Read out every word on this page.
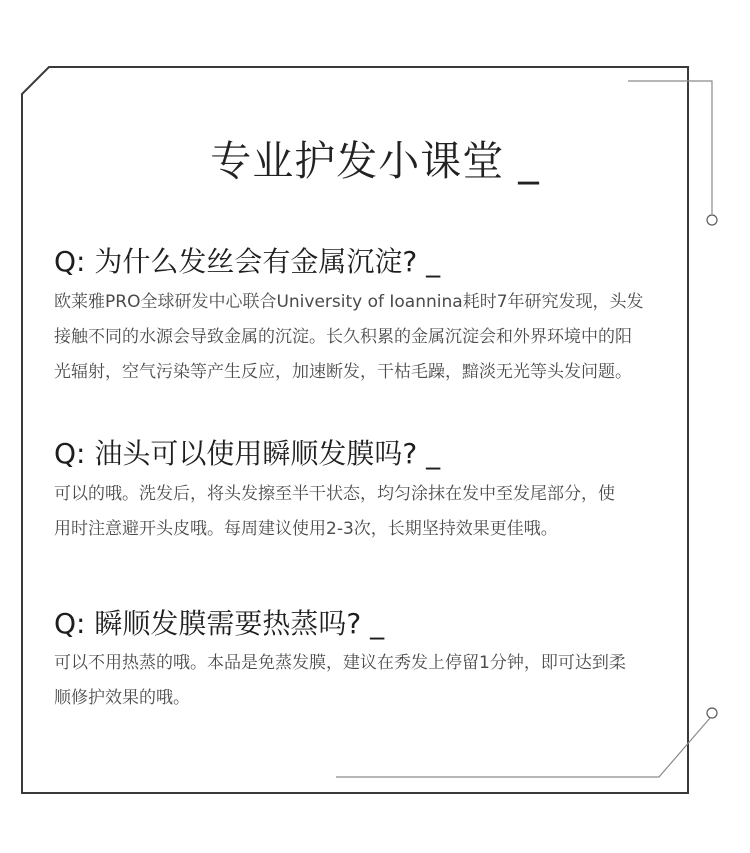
专业护发小课堂 _
Q: 为什么发丝会有金属沉淀? _
欧莱雅PRO全球研发中心联合University of Ioannina耗时7年研究发现，头发
接触不同的水源会导致金属的沉淀。长久积累的金属沉淀会和外界环境中的阳
光辐射，空气污染等产生反应，加速断发，干枯毛躁，黯淡无光等头发问题。
Q: 油头可以使用瞬顺发膜吗? _
可以的哦。洗发后，将头发擦至半干状态，均匀涂抹在发中至发尾部分，使
用时注意避开头皮哦。每周建议使用2-3次，长期坚持效果更佳哦。
Q: 瞬顺发膜需要热蒸吗? _
可以不用热蒸的哦。本品是免蒸发膜，建议在秀发上停留1分钟，即可达到柔
顺修护效果的哦。
